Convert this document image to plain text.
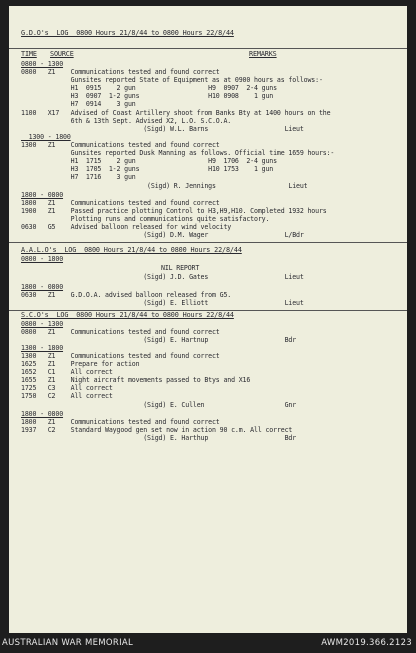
G.D.O's  LOG  0800 Hours 21/8/44 to 0800 Hours 22/8/44
TIME SOURCE	REMARKS
0800 - 1300
0800   Z1    Communications tested and found correct
Gunsites reported State of Equipment as at 0900 hours as follows:-
H1  0915    2 gun                   H9  0907  2-4 guns
H3  0907  1-2 guns                  H10 0908    1 gun
H7  0914    3 gun
1100   X17   Advised of Coast Artillery shoot from Banks Bty at 1400 hours on the
6th & 13th Sept. Advised X2, L.O. S.C.O.A.
(Sigd) W.L. Barns                    Lieut
1300 - 1800
1300   Z1    Communications tested and found correct
Gunsites reported Dusk Manning as follows. Official time 1659 hours:-
H1  1715    2 gun                   H9  1706  2-4 guns
H3  1705  1-2 guns                  H10 1753    1 gun
H7  1716    3 gun
(Sigd) R. Jennings                   Lieut
1800 - 0800
1800   Z1    Communications tested and found correct
1900   Z1    Passed practice plotting Control to H3,H9,H10. Completed 1932 hours
Plotting runs and communications quite satisfactory.
0630   G5    Advised balloon released for wind velocity
(Sigd) D.M. Wager                    L/Bdr
A.A.L.O's  LOG  0800 Hours 21/8/44 to 0800 Hours 22/8/44
0800 - 1800
NIL REPORT
(Sigd) J.D. Gates                    Lieut
1800 - 0800
0630   Z1    G.D.O.A. advised balloon released from G5.
(Sigd) E. Elliott                    Lieut
S.C.O's  LOG  0800 Hours 21/8/44 to 0800 Hours 22/8/44
0800 - 1300
0800   Z1    Communications tested and found correct
(Sigd) E. Hartnup                    Bdr
1300 - 1800
1300   Z1    Communications tested and found correct
1625   Z1    Prepare for action
1652   C1    All correct
1655   Z1    Night aircraft movements passed to Btys and X16
1725   C3    All correct
1750   C2    All correct
(Sigd) E. Cullen                     Gnr
1800 - 0800
1800   Z1    Communications tested and found correct
1937   C2    Standard Waygood gen set now in action 90 c.m. All correct
(Sigd) E. Harthup                    Bdr
AUSTRALIAN WAR MEMORIAL	AWM2019.366.2123
